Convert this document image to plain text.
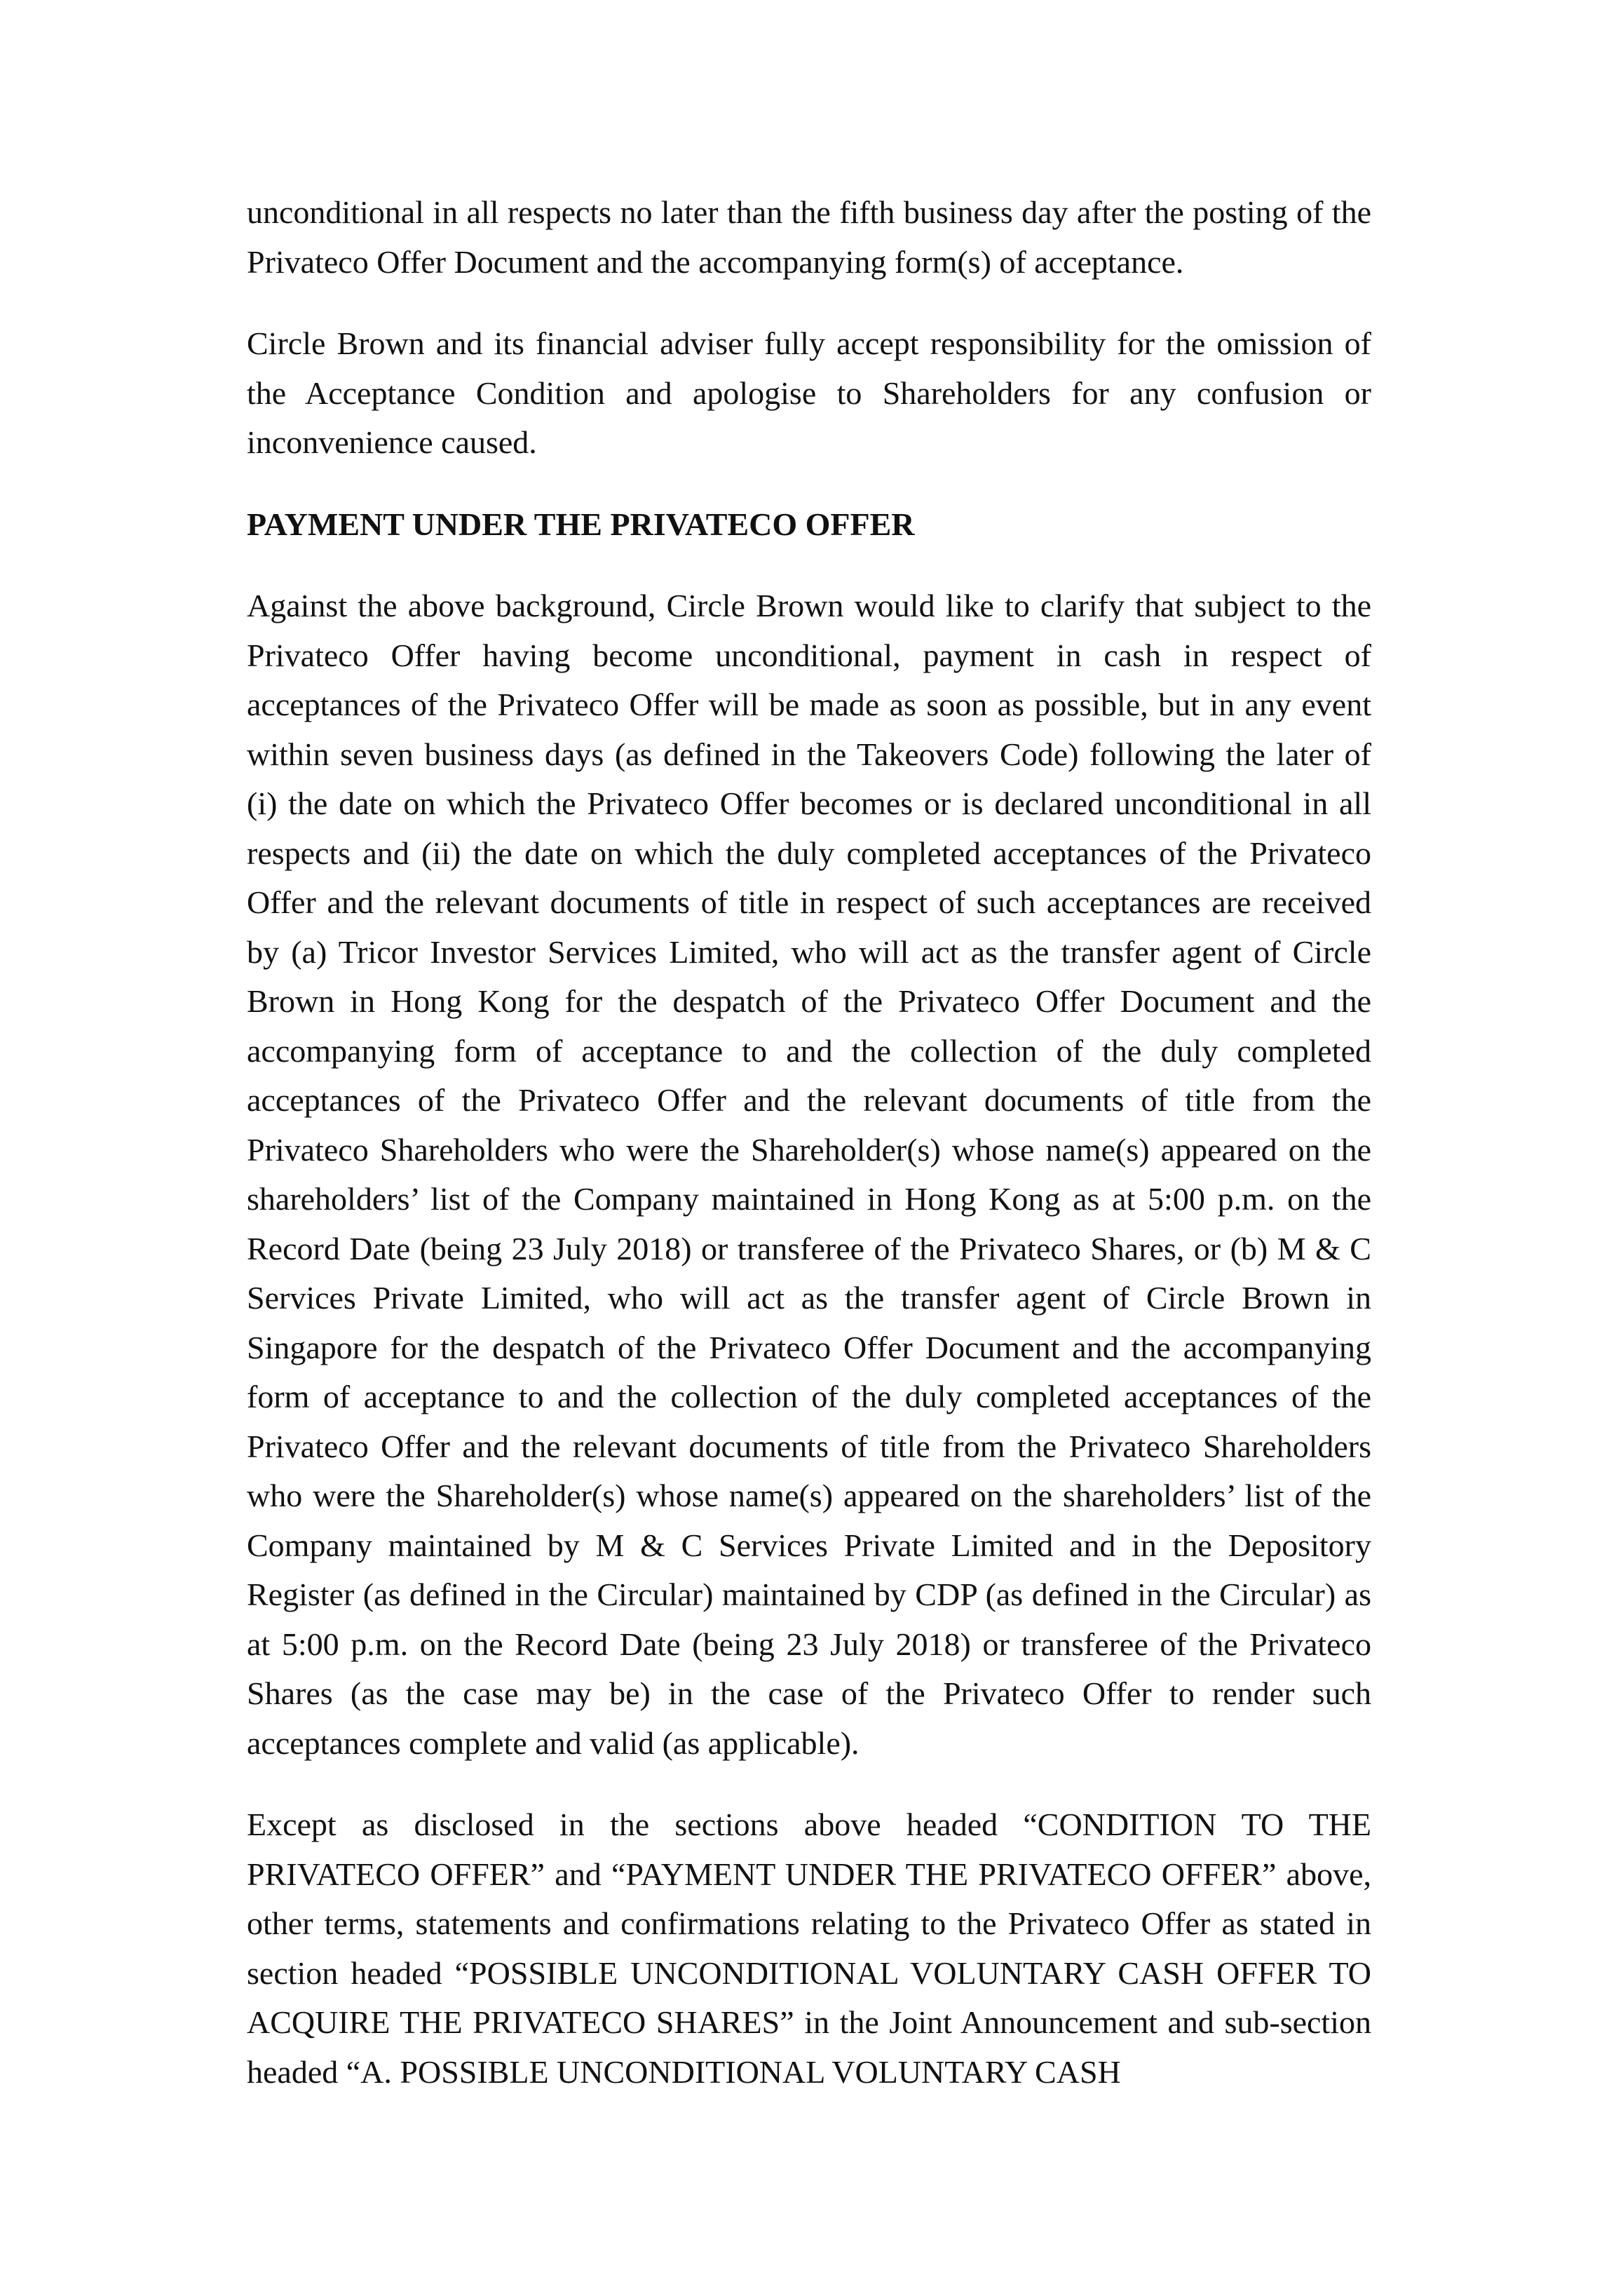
unconditional in all respects no later than the fifth business day after the posting of the Privateco Offer Document and the accompanying form(s) of acceptance.

Circle Brown and its financial adviser fully accept responsibility for the omission of the Acceptance Condition and apologise to Shareholders for any confusion or inconvenience caused.

PAYMENT UNDER THE PRIVATECO OFFER

Against the above background, Circle Brown would like to clarify that subject to the Privateco Offer having become unconditional, payment in cash in respect of acceptances of the Privateco Offer will be made as soon as possible, but in any event within seven business days (as defined in the Takeovers Code) following the later of (i) the date on which the Privateco Offer becomes or is declared unconditional in all respects and (ii) the date on which the duly completed acceptances of the Privateco Offer and the relevant documents of title in respect of such acceptances are received by (a) Tricor Investor Services Limited, who will act as the transfer agent of Circle Brown in Hong Kong for the despatch of the Privateco Offer Document and the accompanying form of acceptance to and the collection of the duly completed acceptances of the Privateco Offer and the relevant documents of title from the Privateco Shareholders who were the Shareholder(s) whose name(s) appeared on the shareholders’ list of the Company maintained in Hong Kong as at 5:00 p.m. on the Record Date (being 23 July 2018) or transferee of the Privateco Shares, or (b) M & C Services Private Limited, who will act as the transfer agent of Circle Brown in Singapore for the despatch of the Privateco Offer Document and the accompanying form of acceptance to and the collection of the duly completed acceptances of the Privateco Offer and the relevant documents of title from the Privateco Shareholders who were the Shareholder(s) whose name(s) appeared on the shareholders’ list of the Company maintained by M & C Services Private Limited and in the Depository Register (as defined in the Circular) maintained by CDP (as defined in the Circular) as at 5:00 p.m. on the Record Date (being 23 July 2018) or transferee of the Privateco Shares (as the case may be) in the case of the Privateco Offer to render such acceptances complete and valid (as applicable).

Except as disclosed in the sections above headed “CONDITION TO THE PRIVATECO OFFER” and “PAYMENT UNDER THE PRIVATECO OFFER” above, other terms, statements and confirmations relating to the Privateco Offer as stated in section headed “POSSIBLE UNCONDITIONAL VOLUNTARY CASH OFFER TO ACQUIRE THE PRIVATECO SHARES” in the Joint Announcement and sub-section headed “A. POSSIBLE UNCONDITIONAL VOLUNTARY CASH
